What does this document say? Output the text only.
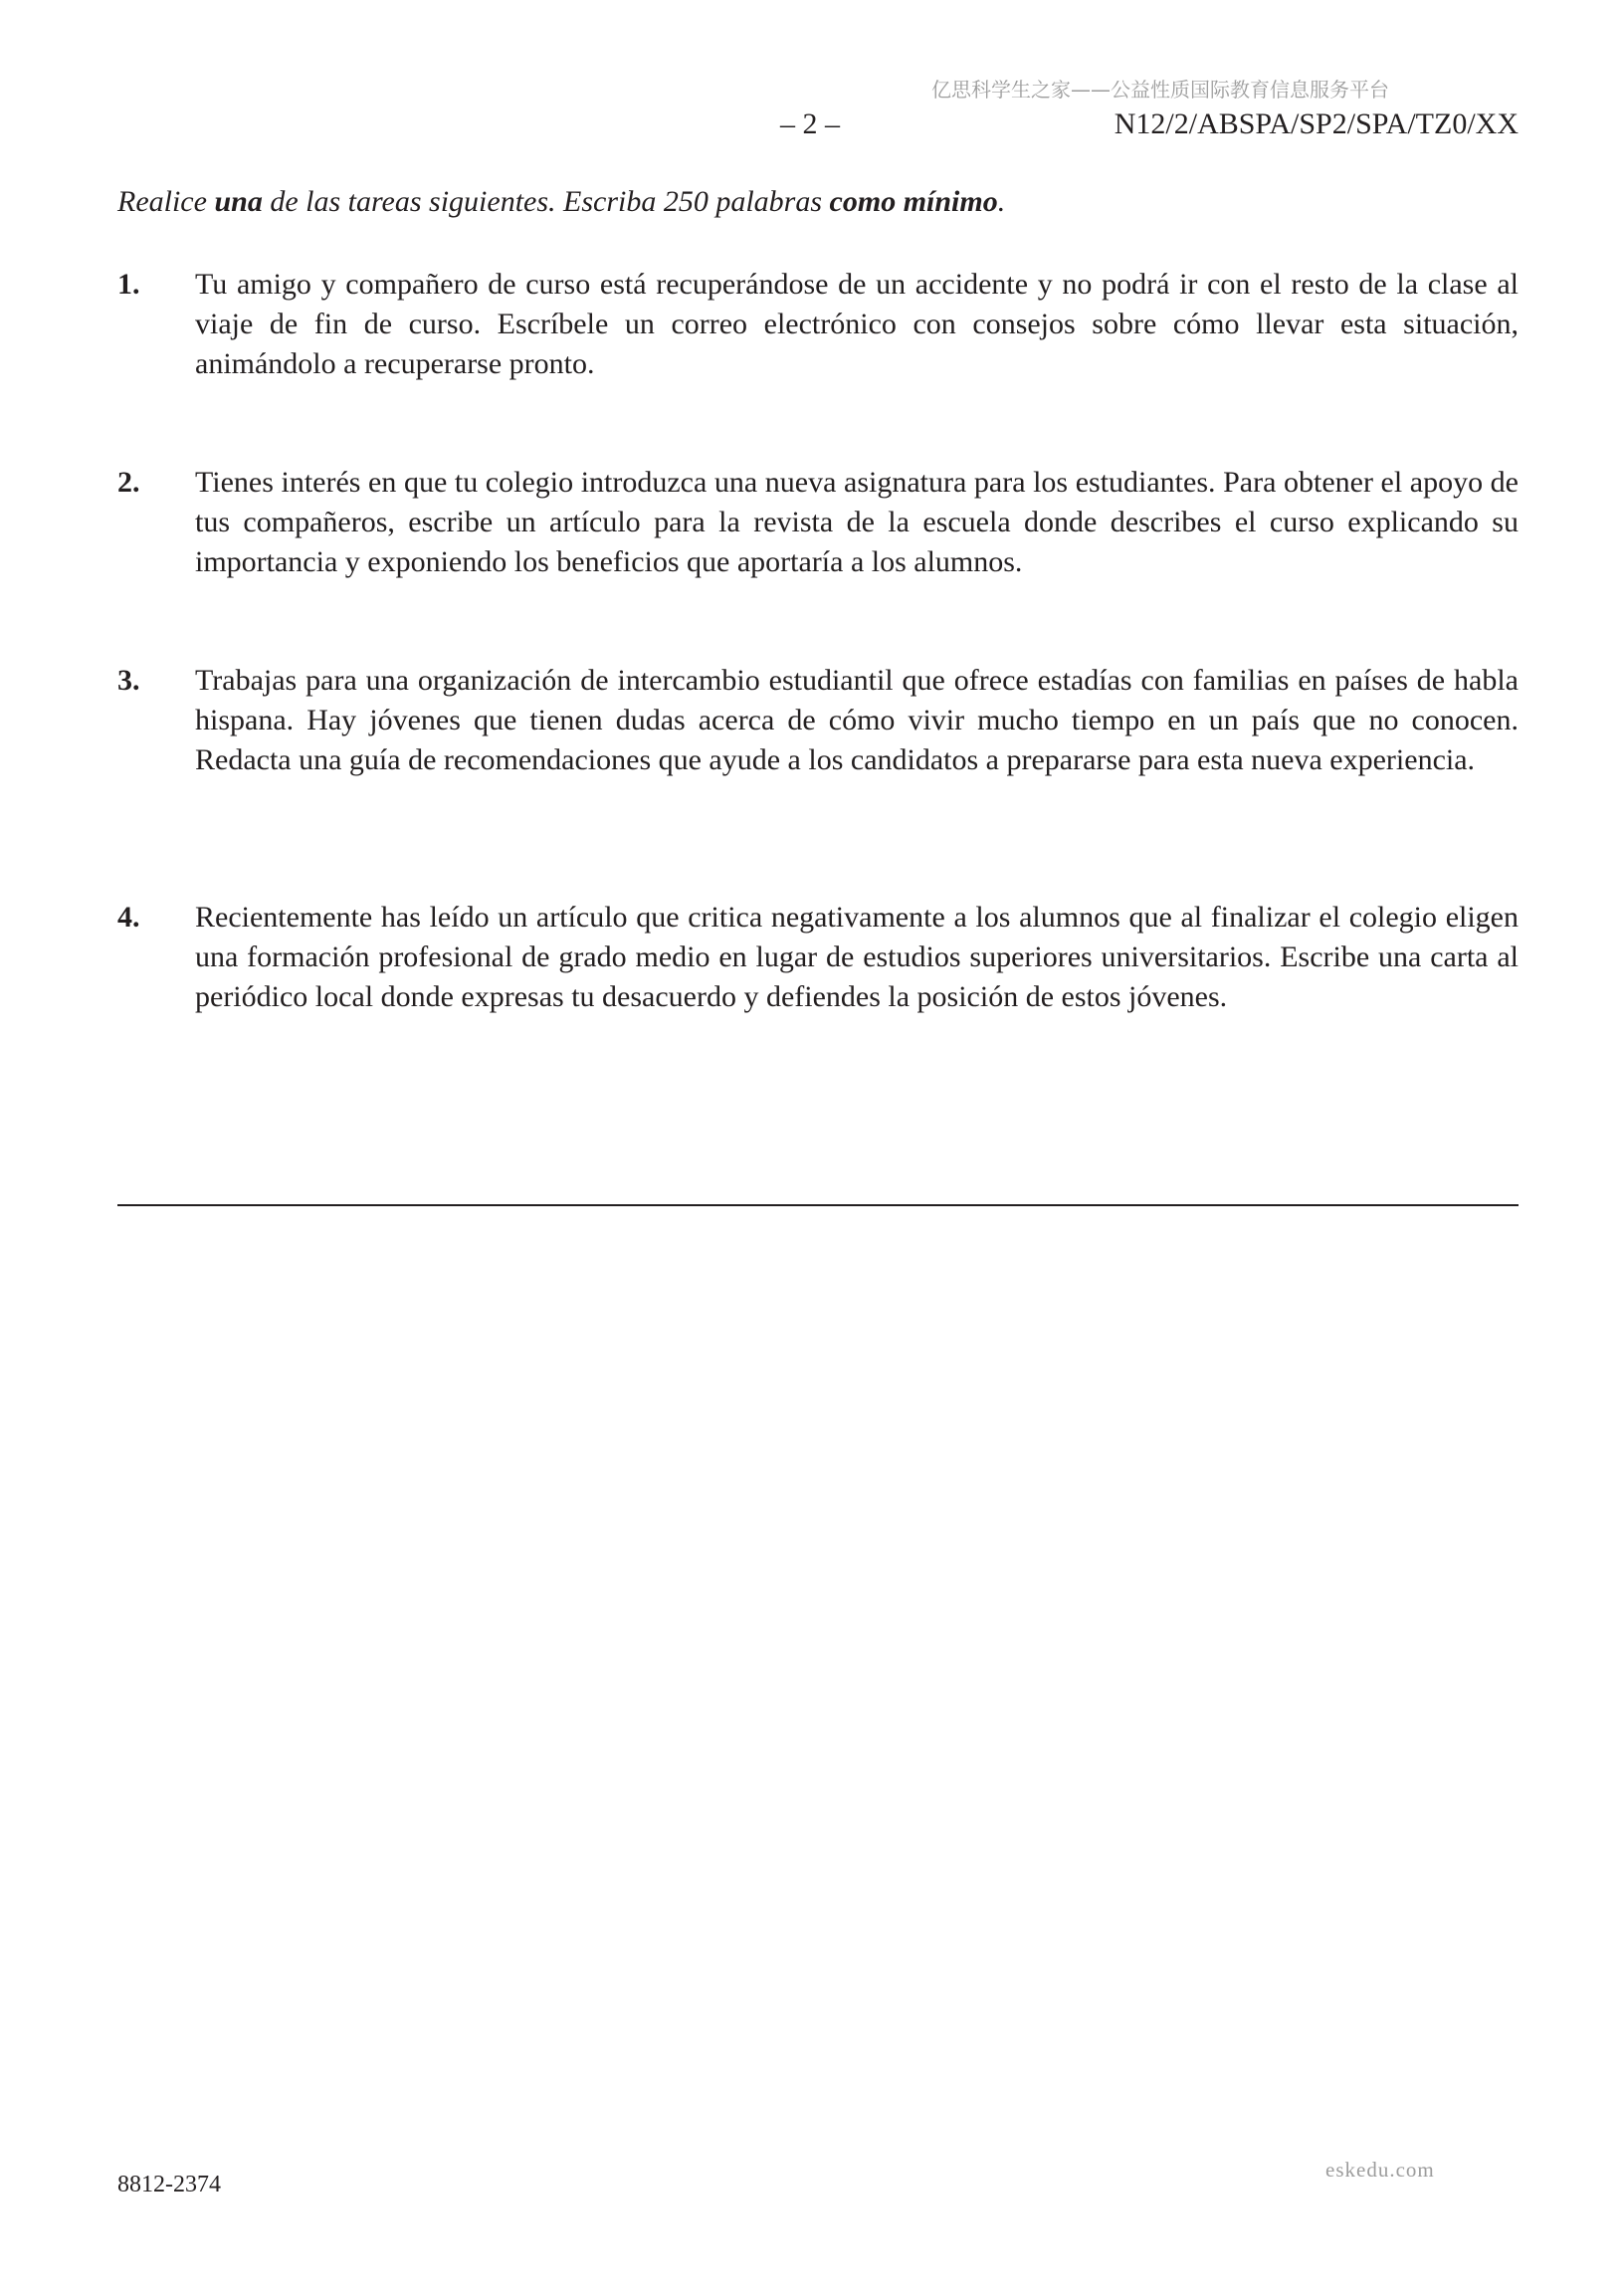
亿思科学生之家——公益性质国际教育信息服务平台
– 2 –	N12/2/ABSPA/SP2/SPA/TZ0/XX
Realice una de las tareas siguientes. Escriba 250 palabras como mínimo.
1. Tu amigo y compañero de curso está recuperándose de un accidente y no podrá ir con el resto de la clase al viaje de fin de curso. Escríbele un correo electrónico con consejos sobre cómo llevar esta situación, animándolo a recuperarse pronto.
2. Tienes interés en que tu colegio introduzca una nueva asignatura para los estudiantes. Para obtener el apoyo de tus compañeros, escribe un artículo para la revista de la escuela donde describes el curso explicando su importancia y exponiendo los beneficios que aportaría a los alumnos.
3. Trabajas para una organización de intercambio estudiantil que ofrece estadías con familias en países de habla hispana. Hay jóvenes que tienen dudas acerca de cómo vivir mucho tiempo en un país que no conocen. Redacta una guía de recomendaciones que ayude a los candidatos a prepararse para esta nueva experiencia.
4. Recientemente has leído un artículo que critica negativamente a los alumnos que al finalizar el colegio eligen una formación profesional de grado medio en lugar de estudios superiores universitarios. Escribe una carta al periódico local donde expresas tu desacuerdo y defiendes la posición de estos jóvenes.
eskedu.com
8812-2374
